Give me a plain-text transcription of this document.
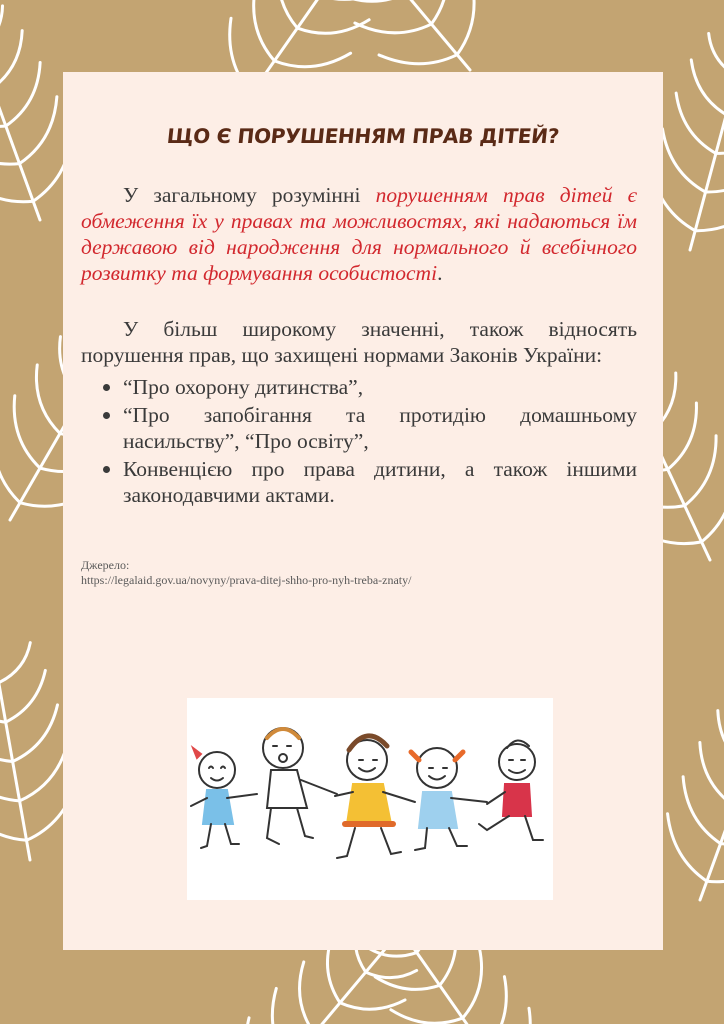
ЩО Є ПОРУШЕННЯМ ПРАВ ДІТЕЙ?

У загальному розумінні порушенням прав дітей є обмеження їх у правах та можливостях, які надаються їм державою від народження для нормального й всебічного розвитку та формування особистості.

У більш широкому значенні, також відносять порушення прав, що захищені нормами Законів України:

“Про охорону дитинства”,
“Про запобігання та протидію домашньому насильству”, “Про освіту”,
Конвенцією про права дитини, а також іншими законодавчими актами.
Джерело:
https://legalaid.gov.ua/novyny/prava-ditej-shho-pro-nyh-treba-znaty/
